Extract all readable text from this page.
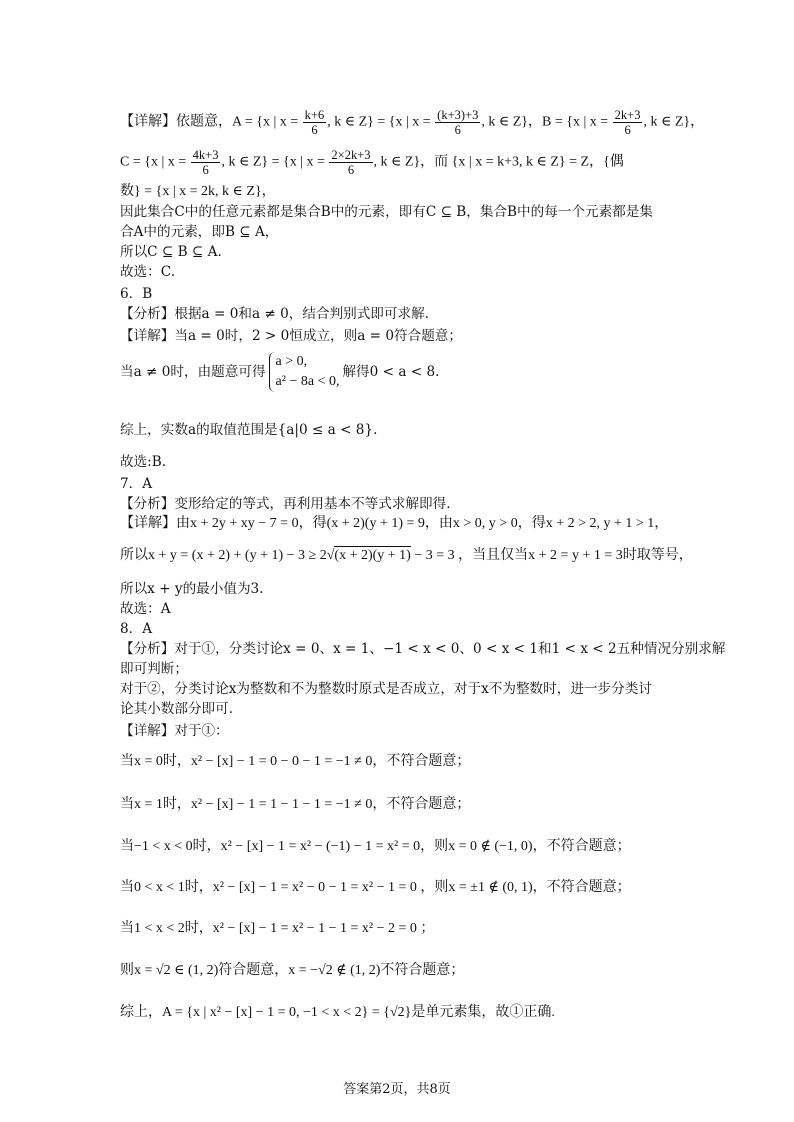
【详解】依题意，A = {x | $x = \frac{k+6}{6}$ , k ∈ Z} = {x | $x = \frac{(k+3)+3}{6}$ , k ∈ Z}，B = {x | $x = \frac{2k+3}{6}$ , k ∈ Z}，
C = {x | $x = \frac{4k+3}{6}$ , k ∈ Z} = {x | $x = \frac{2\times 2k+3}{6}$ , k ∈ Z}，而 {x | x = k+3, k ∈ Z} = Z，{偶
数} = {x | x = 2k, k ∈ Z}，
因此集合C中的任意元素都是集合B中的元素，即有C ⊆ B，集合B中的每一个元素都是集
合A中的元素，即B ⊆ A，
所以C ⊆ B ⊆ A.
故选：C.
6．B
【分析】根据a = 0和a ≠ 0，结合判别式即可求解.
【详解】当a = 0时，2 > 0恒成立，则a = 0符合题意；
当a ≠ 0时，由题意可得
a > 0,
a² − 8a < 0,
解得0 < a < 8.
综上，实数a的取值范围是{a|0 ≤ a < 8}.
故选:B.
7．A
【分析】变形给定的等式，再利用基本不等式求解即得.
【详解】由x + 2y + xy − 7 = 0，得(x + 2)(y + 1) = 9，由x > 0, y > 0，得x + 2 > 2, y + 1 > 1，
所以x + y = (x + 2) + (y + 1) − 3 ≥ 2√(x + 2)(y + 1) − 3 = 3 ，当且仅当x + 2 = y + 1 = 3时取等号，
所以x + y的最小值为3.
故选：A
8．A
【分析】对于①，分类讨论x = 0、x = 1、−1 < x < 0、0 < x < 1和1 < x < 2五种情况分别求解
即可判断；
对于②，分类讨论x为整数和不为整数时原式是否成立，对于x不为整数时，进一步分类讨
论其小数部分即可.
【详解】对于①：
当x = 0时，x² − [x] − 1 = 0 − 0 − 1 = −1 ≠ 0，不符合题意；
当x = 1时，x² − [x] − 1 = 1 − 1 − 1 = −1 ≠ 0，不符合题意；
当−1 < x < 0时，x² − [x] − 1 = x² − (−1) − 1 = x² = 0，则x = 0 ∉ (−1, 0)，不符合题意；
当0 < x < 1时，x² − [x] − 1 = x² − 0 − 1 = x² − 1 = 0 ，则x = ±1 ∉ (0, 1)，不符合题意；
当1 < x < 2时，x² − [x] − 1 = x² − 1 − 1 = x² − 2 = 0 ；
则x = √2 ∈ (1, 2)符合题意，x = −√2 ∉ (1, 2)不符合题意；
综上，A = {x | x² − [x] − 1 = 0, −1 < x < 2} = {√2}是单元素集，故①正确.
答案第2页，共8页
